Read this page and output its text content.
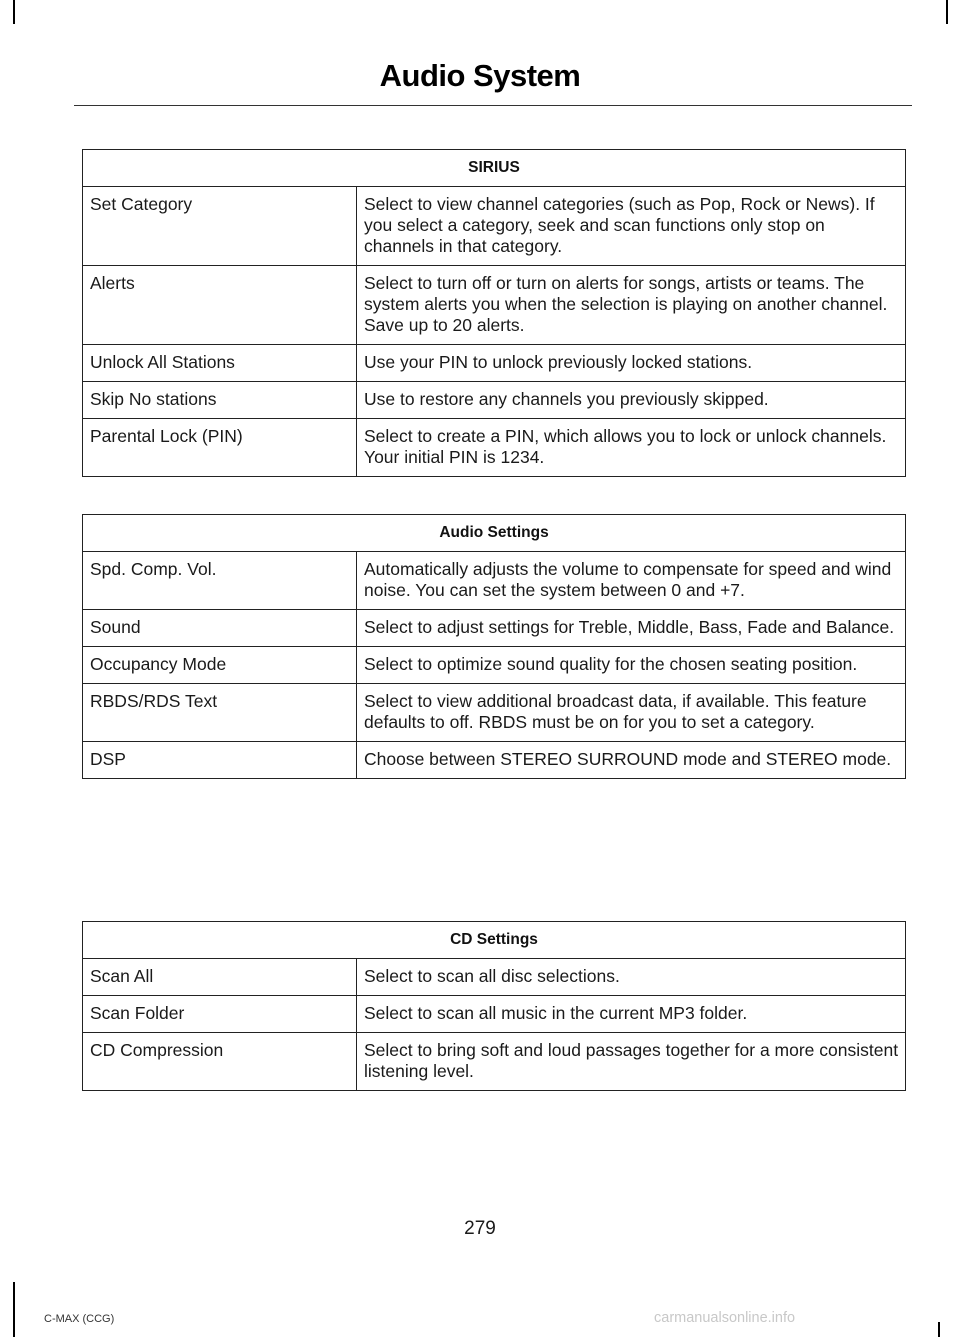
Audio System
SIRIUS	
Set Category	Select to view channel categories (such as Pop, Rock or News). If you select a category, seek and scan functions only stop on channels in that category.
Alerts	Select to turn off or turn on alerts for songs, artists or teams. The system alerts you when the selection is playing on another channel. Save up to 20 alerts.
Unlock All Stations	Use your PIN to unlock previously locked stations.
Skip No stations	Use to restore any channels you previously skipped.
Parental Lock (PIN)	Select to create a PIN, which allows you to lock or unlock channels. Your initial PIN is 1234.
Audio Settings	
Spd. Comp. Vol.	Automatically adjusts the volume to compensate for speed and wind noise. You can set the system between 0 and +7.
Sound	Select to adjust settings for Treble, Middle, Bass, Fade and Balance.
Occupancy Mode	Select to optimize sound quality for the chosen seating position.
RBDS/RDS Text	Select to view additional broadcast data, if available. This feature defaults to off. RBDS must be on for you to set a category.
DSP	Choose between STEREO SURROUND mode and STEREO mode.
CD Settings	
Scan All	Select to scan all disc selections.
Scan Folder	Select to scan all music in the current MP3 folder.
CD Compression	Select to bring soft and loud passages together for a more consistent listening level.
279
C-MAX (CCG)	carmanualsonline.info
